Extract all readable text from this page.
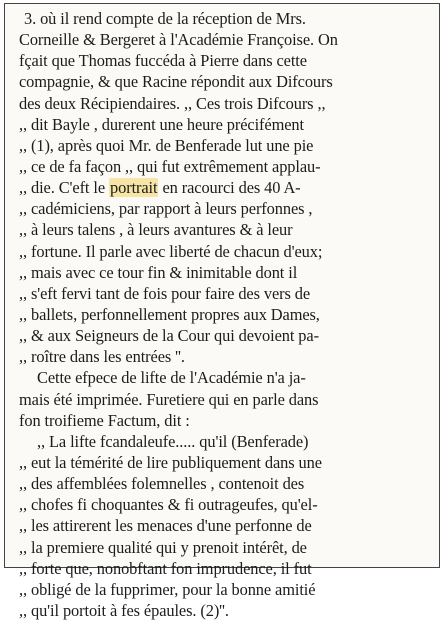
3. où il rend compte de la réception de Mrs.
Corneille & Bergeret à l'Académie Françoise. On
fçait que Thomas fuccéda à Pierre dans cette
compagnie, & que Racine répondit aux Difcours
des deux Récipiendaires. ,, Ces trois Difcours ,,
,, dit Bayle , durerent une heure précifément
,, (1), après quoi Mr. de Benferade lut une pie
,, ce de fa façon ,, qui fut extrêmement applau-
,, die. C'eft le portrait en racourci des 40 A-
,, cadémiciens, par rapport à leurs perfonnes ,
,, à leurs talens , à leurs avantures & à leur
,, fortune. Il parle avec liberté de chacun d'eux;
,, mais avec ce tour fin & inimitable dont il
,, s'eft fervi tant de fois pour faire des vers de
,, ballets, perfonnellement propres aux Dames,
,, & aux Seigneurs de la Cour qui devoient pa-
,, roître dans les entrées ''.
Cette efpece de lifte de l'Académie n'a ja-
mais été imprimée. Furetiere qui en parle dans
fon troifieme Factum, dit :
,, La lifte fcandaleufe..... qu'il (Benferade)
,, eut la témérité de lire publiquement dans une
,, des affemblées folemnelles , contenoit des
,, chofes fi choquantes & fi outrageufes, qu'el-
,, les attirerent les menaces d'une perfonne de
,, la premiere qualité qui y prenoit intérêt, de
,, forte que, nonobftant fon imprudence, il fut
,, obligé de la fupprimer, pour la bonne amitié
,, qu'il portoit à fes épaules. (2)''.
